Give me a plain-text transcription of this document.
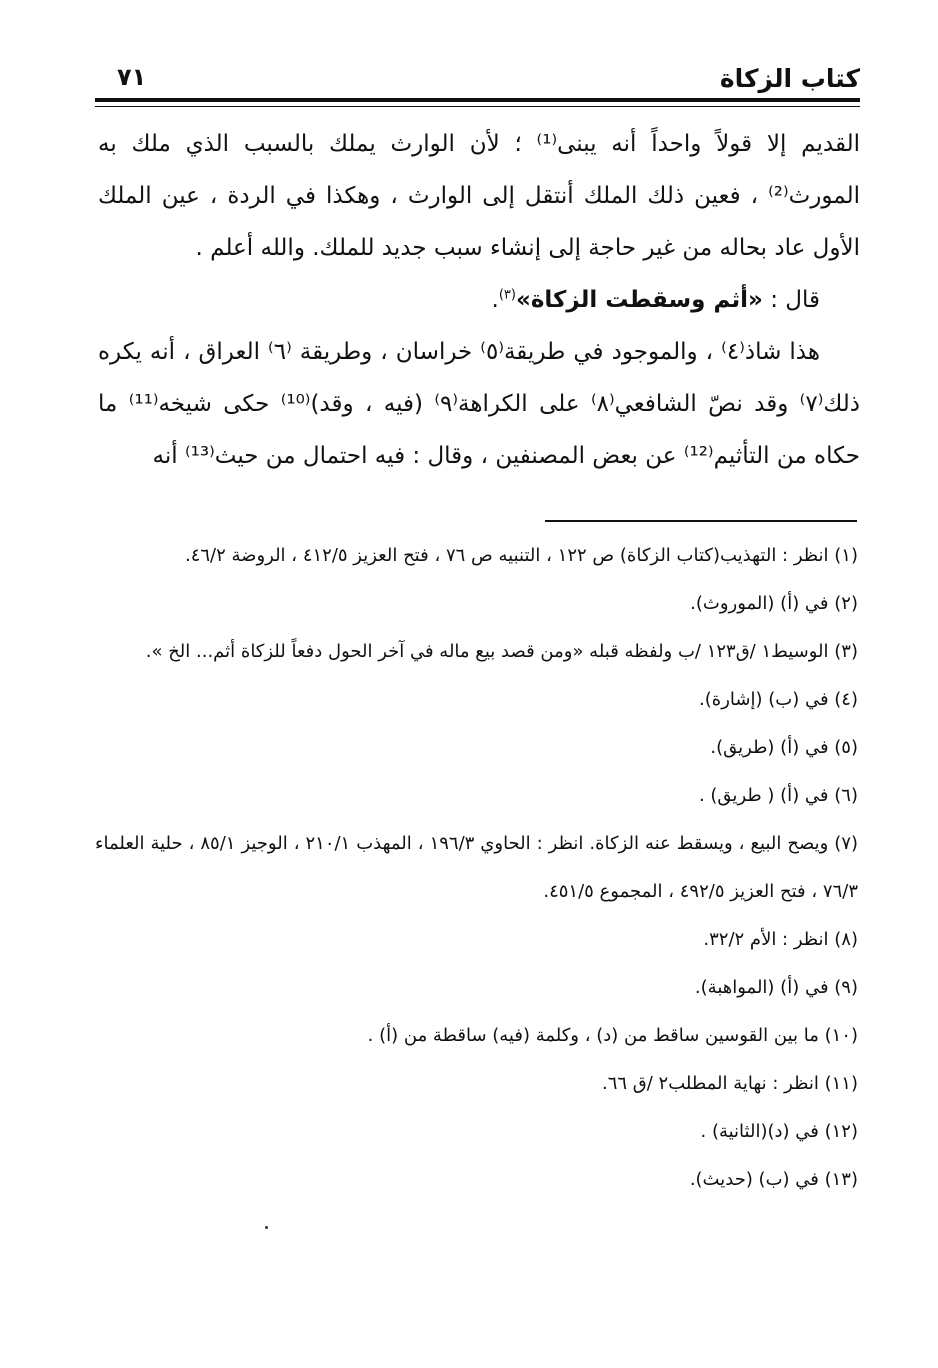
كتاب الزكاة
٧١

القديم إلا قولاً واحداً أنه يبنى⁽¹⁾ ؛ لأن الوارث يملك بالسبب الذي ملك به المورث⁽²⁾ ، فعين ذلك الملك أنتقل إلى الوارث ، وهكذا في الردة ، عين الملك الأول عاد بحاله من غير حاجة إلى إنشاء سبب جديد للملك. والله أعلم .

قال : «أثم وسقطت الزكاة»$^{(٣)}$.

هذا شاذ⁽٤⁾ ، والموجود في طريقة⁽٥⁾ خراسان ، وطريقة ⁽٦⁾ العراق ، أنه يكره ذلك⁽٧⁾ وقد نصّ الشافعي⁽٨⁾ على الكراهة⁽٩⁾ (فيه ، وقد)⁽¹⁰⁾ حكى شيخه⁽¹¹⁾ ما حكاه من التأثيم⁽¹²⁾ عن بعض المصنفين ، وقال : فيه احتمال من حيث⁽¹³⁾ أنه

(١) انظر : التهذيب(كتاب الزكاة) ص ١٢٢ ، التنبيه ص ٧٦ ، فتح العزيز ٤١٢/٥ ، الروضة ٤٦/٢.

(٢) في (أ) (الموروث).

(٣) الوسيط١ /ق١٢٣ /ب ولفظه قبله «ومن قصد بيع ماله في آخر الحول دفعاً للزكاة أثم... الخ ».

(٤) في (ب) (إشارة).

(٥) في (أ) (طريق).

(٦) في (أ) ( طريق) .

(٧) ويصح البيع ، ويسقط عنه الزكاة. انظر : الحاوي ١٩٦/٣ ، المهذب ٢١٠/١ ، الوجيز ٨٥/١ ، حلية العلماء ٧٦/٣ ، فتح العزيز ٤٩٢/٥ ، المجموع ٤٥١/٥.

(٨) انظر : الأم ٣٢/٢.

(٩) في (أ) (المواهبة).

(١٠) ما بين القوسين ساقط من (د) ، وكلمة (فيه) ساقطة من (أ) .

(١١) انظر : نهاية المطلب٢ /ق ٦٦.

(١٢) في (د)(الثانية) .

(١٣) في (ب) (حديث).
